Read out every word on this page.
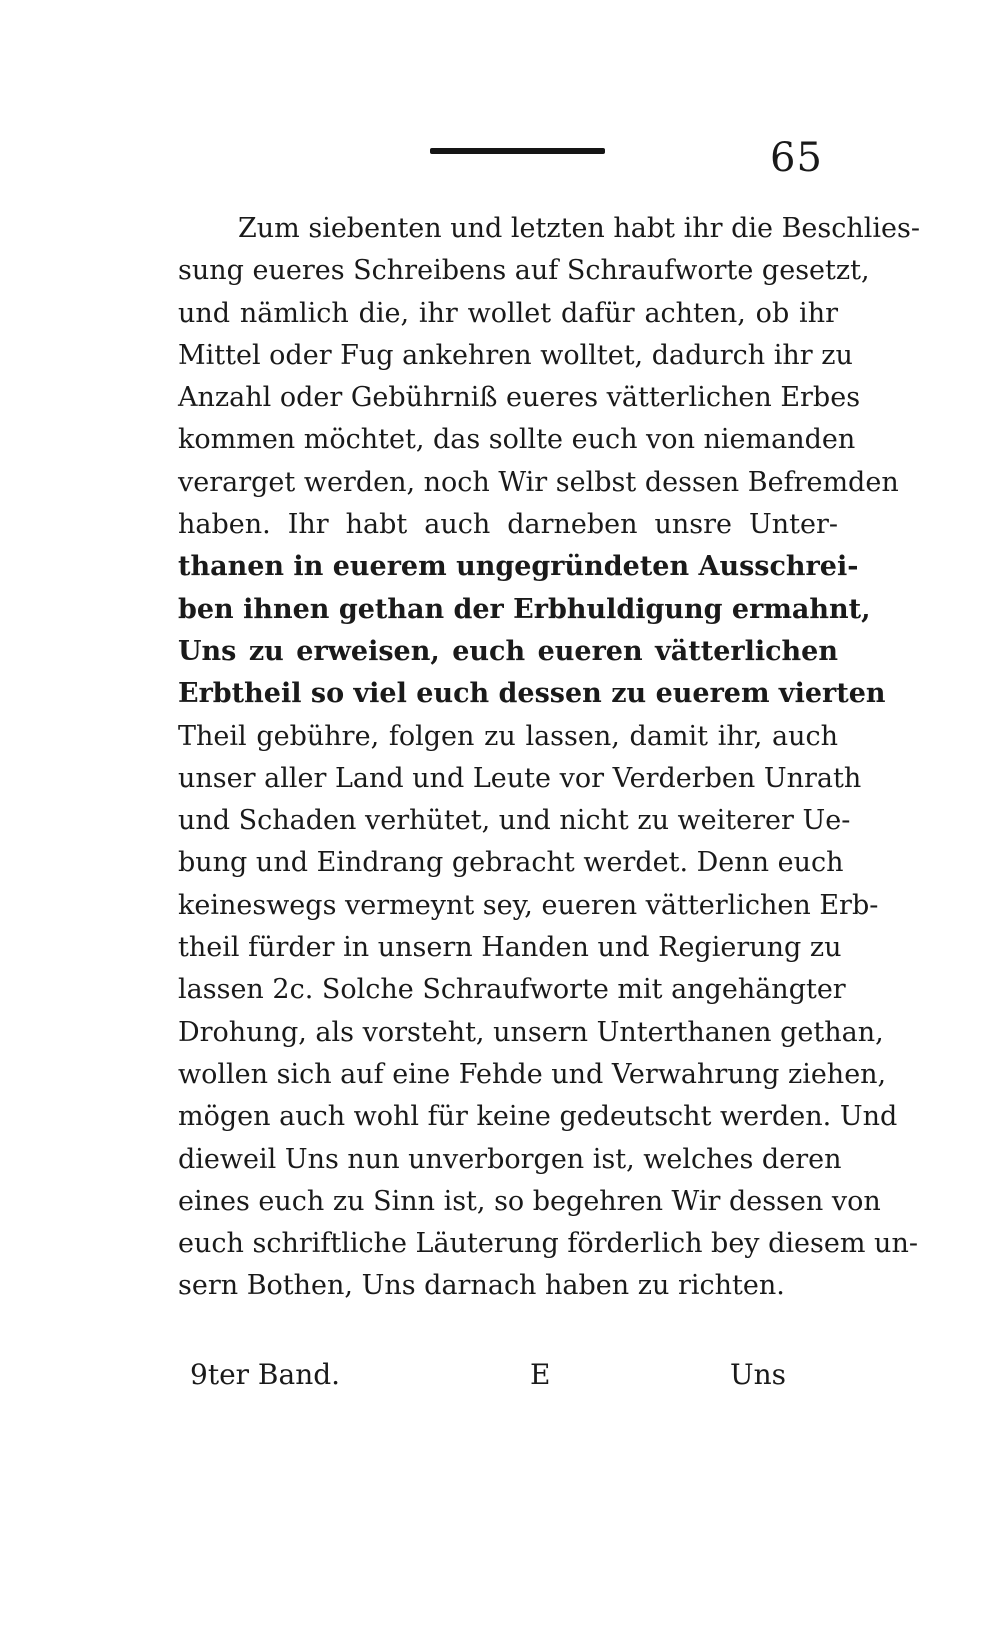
65
Zum siebenten und letzten habt ihr die Beschlies-
sung eueres Schreibens auf Schraufworte gesetzt,
und nämlich die, ihr wollet dafür achten, ob ihr
Mittel oder Fug ankehren wolltet, dadurch ihr zu
Anzahl oder Gebührniß eueres vätterlichen Erbes
kommen möchtet, das sollte euch von niemanden
verarget werden, noch Wir selbst dessen Befremden
haben. Ihr habt auch darneben unsre Unter-
thanen in euerem ungegründeten Ausschrei-
ben ihnen gethan der Erbhuldigung ermahnt,
Uns zu erweisen, euch eueren vätterlichen
Erbtheil so viel euch dessen zu euerem vierten
Theil gebühre, folgen zu lassen, damit ihr, auch
unser aller Land und Leute vor Verderben Unrath
und Schaden verhütet, und nicht zu weiterer Ue-
bung und Eindrang gebracht werdet. Denn euch
keineswegs vermeynt sey, eueren vätterlichen Erb-
theil fürder in unsern Handen und Regierung zu
lassen 2c. Solche Schraufworte mit angehängter
Drohung, als vorsteht, unsern Unterthanen gethan,
wollen sich auf eine Fehde und Verwahrung ziehen,
mögen auch wohl für keine gedeutscht werden. Und
dieweil Uns nun unverborgen ist, welches deren
eines euch zu Sinn ist, so begehren Wir dessen von
euch schriftliche Läuterung förderlich bey diesem un-
sern Bothen, Uns darnach haben zu richten.
9ter Band.	E	Uns
